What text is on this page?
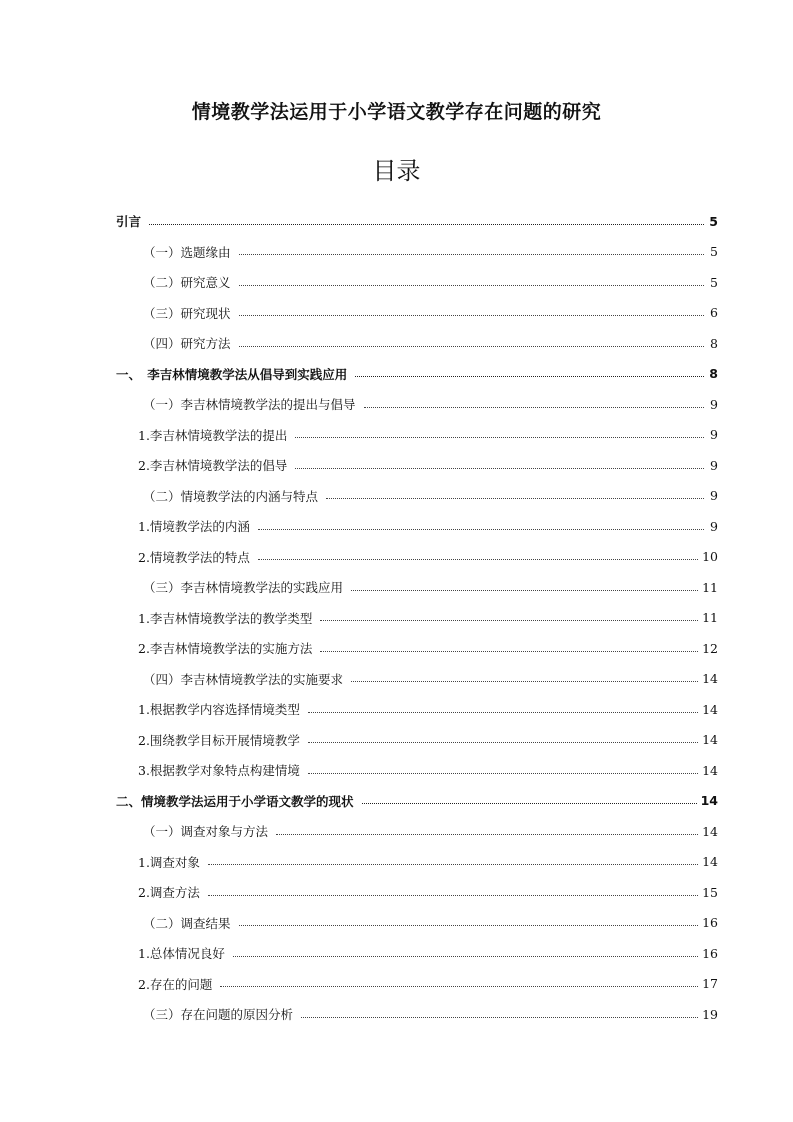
情境教学法运用于小学语文教学存在问题的研究
目录
引言	5
（一）选题缘由	5
（二）研究意义	5
（三）研究现状	6
（四）研究方法	8
一、　李吉林情境教学法从倡导到实践应用	8
（一）李吉林情境教学法的提出与倡导	9
1.李吉林情境教学法的提出	9
2.李吉林情境教学法的倡导	9
（二）情境教学法的内涵与特点	9
1.情境教学法的内涵	9
2.情境教学法的特点	10
（三）李吉林情境教学法的实践应用	11
1.李吉林情境教学法的教学类型	11
2.李吉林情境教学法的实施方法	12
（四）李吉林情境教学法的实施要求	14
1.根据教学内容选择情境类型	14
2.围绕教学目标开展情境教学	14
3.根据教学对象特点构建情境	14
二、情境教学法运用于小学语文教学的现状	14
（一）调查对象与方法	14
1.调查对象	14
2.调查方法	15
（二）调查结果	16
1.总体情况良好	16
2.存在的问题	17
（三）存在问题的原因分析	19
